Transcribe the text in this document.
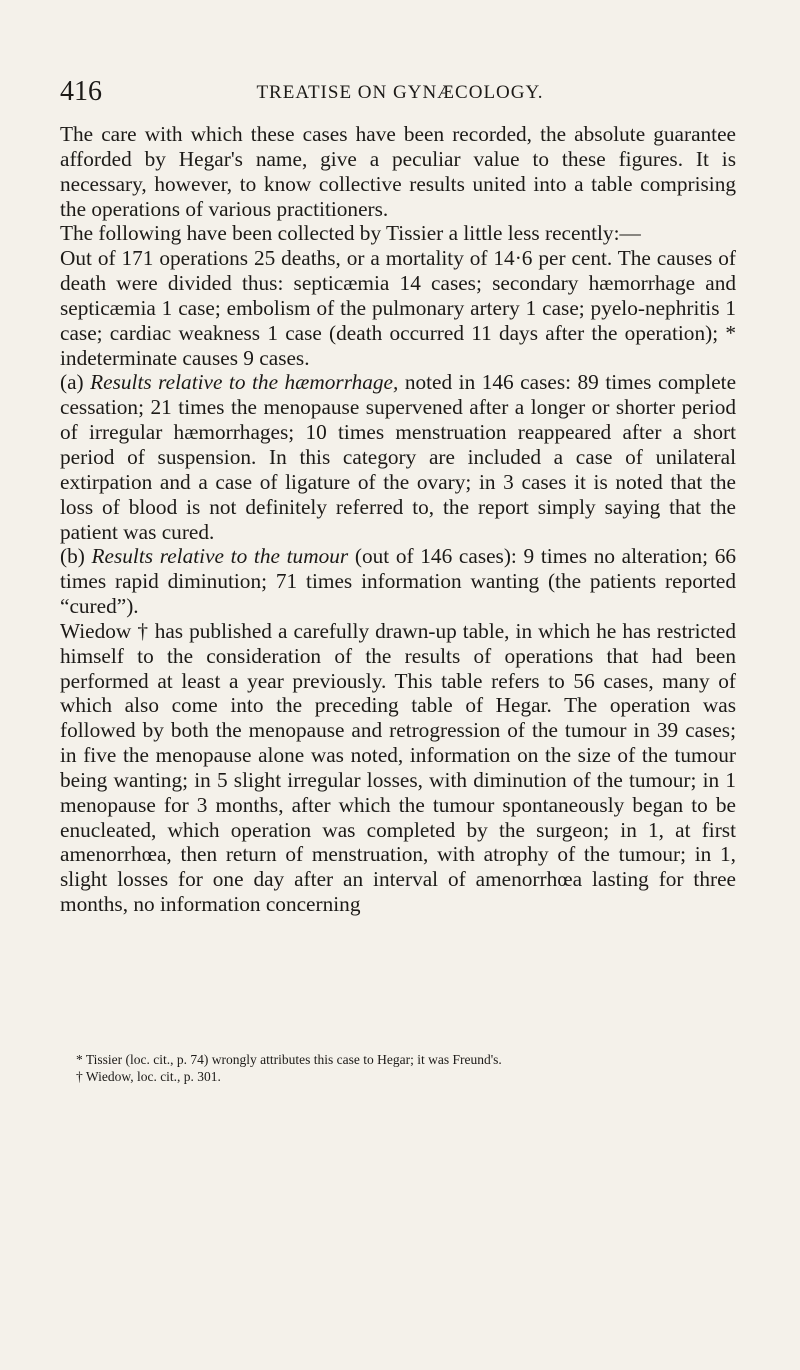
416	TREATISE ON GYNÆCOLOGY.

The care with which these cases have been recorded, the absolute guarantee afforded by Hegar's name, give a peculiar value to these figures. It is necessary, however, to know collective results united into a table comprising the operations of various practitioners.

The following have been collected by Tissier a little less recently:—

Out of 171 operations 25 deaths, or a mortality of 14·6 per cent. The causes of death were divided thus: septicæmia 14 cases; secondary hæmorrhage and septicæmia 1 case; embolism of the pulmonary artery 1 case; pyelo-nephritis 1 case; cardiac weakness 1 case (death occurred 11 days after the operation); * indeterminate causes 9 cases.

(a) Results relative to the hæmorrhage, noted in 146 cases: 89 times complete cessation; 21 times the menopause supervened after a longer or shorter period of irregular hæmorrhages; 10 times menstruation reappeared after a short period of suspension. In this category are included a case of unilateral extirpation and a case of ligature of the ovary; in 3 cases it is noted that the loss of blood is not definitely referred to, the report simply saying that the patient was cured.

(b) Results relative to the tumour (out of 146 cases): 9 times no alteration; 66 times rapid diminution; 71 times information wanting (the patients reported “cured”).

Wiedow † has published a carefully drawn-up table, in which he has restricted himself to the consideration of the results of operations that had been performed at least a year previously. This table refers to 56 cases, many of which also come into the preceding table of Hegar. The operation was followed by both the menopause and retrogression of the tumour in 39 cases; in five the menopause alone was noted, information on the size of the tumour being wanting; in 5 slight irregular losses, with diminution of the tumour; in 1 menopause for 3 months, after which the tumour spontaneously began to be enucleated, which operation was completed by the surgeon; in 1, at first amenorrhœa, then return of menstruation, with atrophy of the tumour; in 1, slight losses for one day after an interval of amenorrhœa lasting for three months, no information concerning

* Tissier (loc. cit., p. 74) wrongly attributes this case to Hegar; it was Freund's.

† Wiedow, loc. cit., p. 301.
